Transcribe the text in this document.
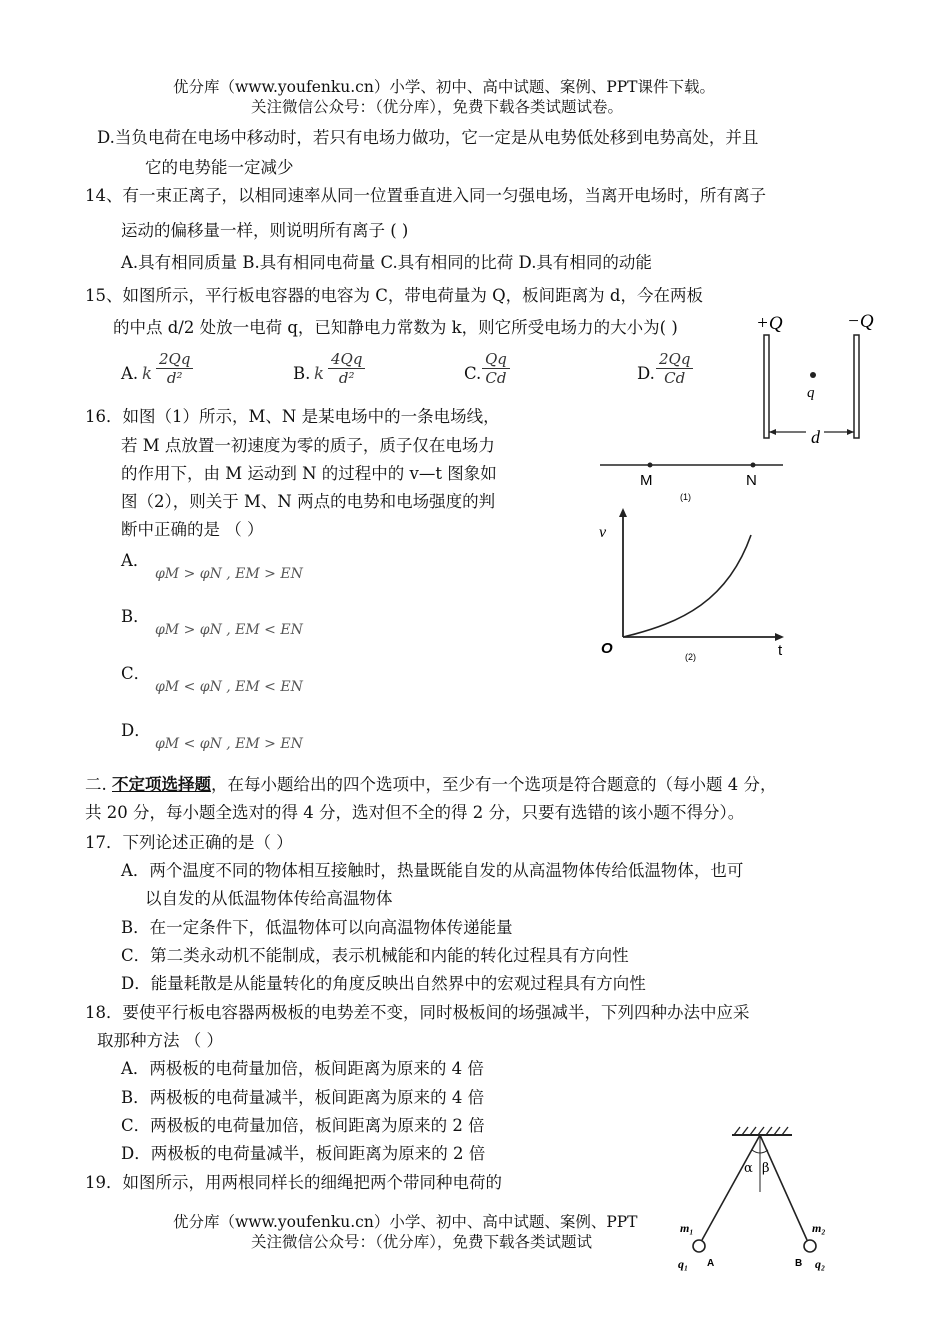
优分库（www.youfenku.cn）小学、初中、高中试题、案例、PPT课件下载。
关注微信公众号：（优分库），免费下载各类试题试卷。
D.当负电荷在电场中移动时，若只有电场力做功，它一定是从电势低处移到电势高处，并且
它的电势能一定减少
14、有一束正离子，以相同速率从同一位置垂直进入同一匀强电场，当离开电场时，所有离子
运动的偏移量一样，则说明所有离子 ( )
A.具有相同质量 B.具有相同电荷量 C.具有相同的比荷 D.具有相同的动能
15、如图所示，平行板电容器的电容为 C，带电荷量为 Q，板间距离为 d，今在两板
的中点 d/2 处放一电荷 q，已知静电力常数为 k，则它所受电场力的大小为( )
A. k $\frac{2Qq}{\text{d²}}$	B. k $\frac{4Qq}{\text{d²}}$	C. $\frac{Qq}{Cd}$	D. $\frac{2Qq}{Cd}$
+Q	−Q
q
d
16．如图（1）所示，M、N 是某电场中的一条电场线，
若 M 点放置一初速度为零的质子，质子仅在电场力
的作用下，由 M 运动到 N 的过程中的 v—t 图象如
图（2），则关于 M、N 两点的电势和电场强度的判
断中正确的是 （ ）
A．
φM > φN , EM > EN
B．
φM > φN , EM < EN
C．
φM < φN , EM < EN
D．
φM < φN , EM > EN
M	N
(1)
v
t
O	(2)
二. 不定项选择题，在每小题给出的四个选项中，至少有一个选项是符合题意的（每小题 4 分，
共 20 分，每小题全选对的得 4 分，选对但不全的得 2 分，只要有选错的该小题不得分）。
17．下列论述正确的是（ ）
A．两个温度不同的物体相互接触时，热量既能自发的从高温物体传给低温物体，也可
以自发的从低温物体传给高温物体
B．在一定条件下，低温物体可以向高温物体传递能量
C．第二类永动机不能制成，表示机械能和内能的转化过程具有方向性
D．能量耗散是从能量转化的角度反映出自然界中的宏观过程具有方向性
18．要使平行板电容器两极板的电势差不变，同时极板间的场强减半，下列四种办法中应采
取那种方法 （ ）
A．两极板的电荷量加倍，板间距离为原来的 4 倍
B．两极板的电荷量减半，板间距离为原来的 4 倍
C．两极板的电荷量加倍，板间距离为原来的 2 倍
D．两极板的电荷量减半，板间距离为原来的 2 倍
19．如图所示，用两根同样长的细绳把两个带同种电荷的
α β
m₁	m₂
q₁ A	B q₂
优分库（www.youfenku.cn）小学、初中、高中试题、案例、PPT
关注微信公众号：（优分库），免费下载各类试题试
